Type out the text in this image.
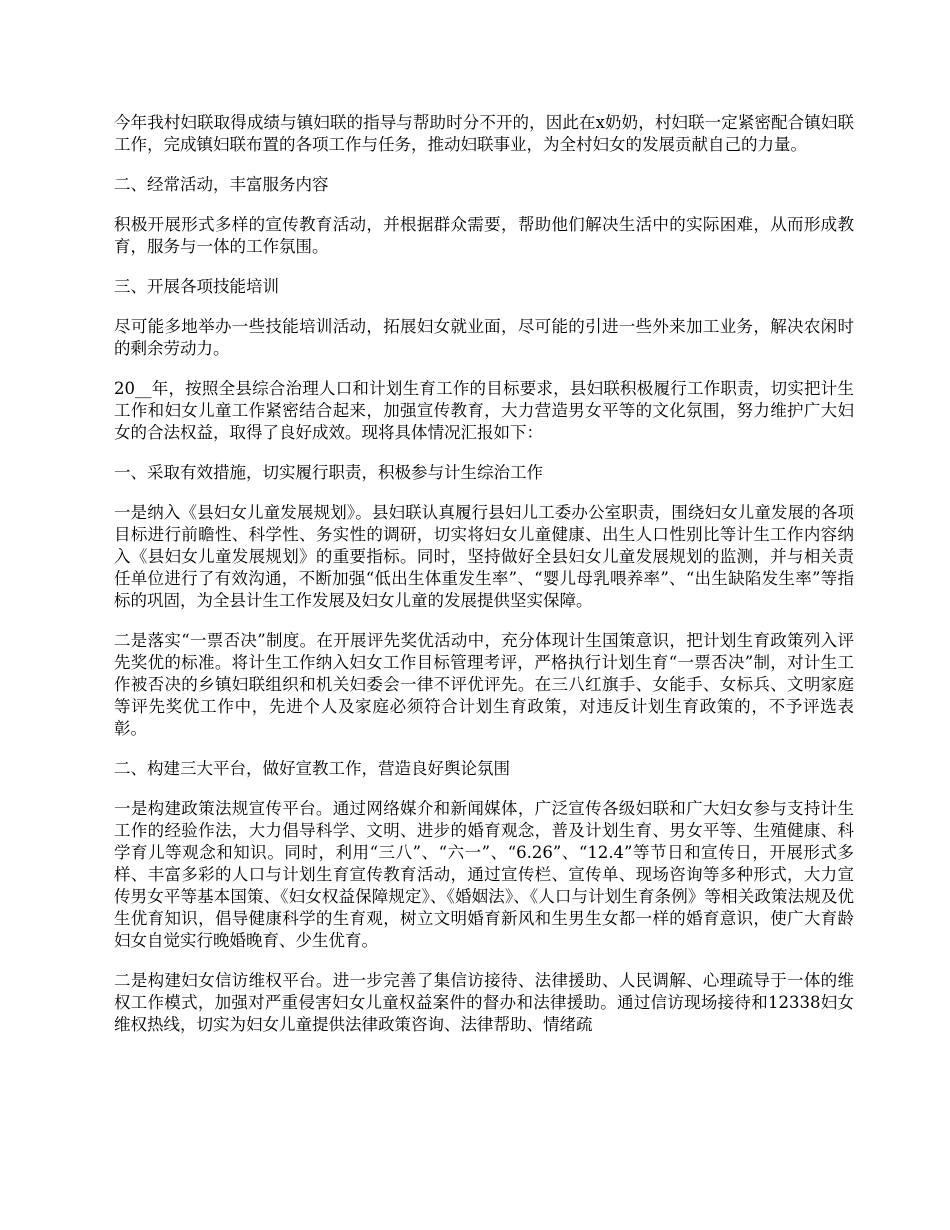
今年我村妇联取得成绩与镇妇联的指导与帮助时分不开的，因此在x奶奶，村妇联一定紧密配合镇妇联工作，完成镇妇联布置的各项工作与任务，推动妇联事业，为全村妇女的发展贡献自己的力量。

二、经常活动，丰富服务内容

积极开展形式多样的宣传教育活动，并根据群众需要，帮助他们解决生活中的实际困难，从而形成教育，服务与一体的工作氛围。

三、开展各项技能培训

尽可能多地举办一些技能培训活动，拓展妇女就业面，尽可能的引进一些外来加工业务，解决农闲时的剩余劳动力。

20__年，按照全县综合治理人口和计划生育工作的目标要求，县妇联积极履行工作职责，切实把计生工作和妇女儿童工作紧密结合起来，加强宣传教育，大力营造男女平等的文化氛围，努力维护广大妇女的合法权益，取得了良好成效。现将具体情况汇报如下：

一、采取有效措施，切实履行职责，积极参与计生综治工作

一是纳入《县妇女儿童发展规划》。县妇联认真履行县妇儿工委办公室职责，围绕妇女儿童发展的各项目标进行前瞻性、科学性、务实性的调研，切实将妇女儿童健康、出生人口性别比等计生工作内容纳入《县妇女儿童发展规划》的重要指标。同时，坚持做好全县妇女儿童发展规划的监测，并与相关责任单位进行了有效沟通，不断加强“低出生体重发生率”、“婴儿母乳喂养率”、“出生缺陷发生率”等指标的巩固，为全县计生工作发展及妇女儿童的发展提供坚实保障。

二是落实“一票否决”制度。在开展评先奖优活动中，充分体现计生国策意识，把计划生育政策列入评先奖优的标准。将计生工作纳入妇女工作目标管理考评，严格执行计划生育“一票否决”制，对计生工作被否决的乡镇妇联组织和机关妇委会一律不评优评先。在三八红旗手、女能手、女标兵、文明家庭等评先奖优工作中，先进个人及家庭必须符合计划生育政策，对违反计划生育政策的，不予评选表彰。

二、构建三大平台，做好宣教工作，营造良好舆论氛围

一是构建政策法规宣传平台。通过网络媒介和新闻媒体，广泛宣传各级妇联和广大妇女参与支持计生工作的经验作法，大力倡导科学、文明、进步的婚育观念，普及计划生育、男女平等、生殖健康、科学育儿等观念和知识。同时，利用“三八”、“六一”、“6.26”、“12.4”等节日和宣传日，开展形式多样、丰富多彩的人口与计划生育宣传教育活动，通过宣传栏、宣传单、现场咨询等多种形式，大力宣传男女平等基本国策、《妇女权益保障规定》、《婚姻法》、《人口与计划生育条例》等相关政策法规及优生优育知识，倡导健康科学的生育观，树立文明婚育新风和生男生女都一样的婚育意识，使广大育龄妇女自觉实行晚婚晚育、少生优育。

二是构建妇女信访维权平台。进一步完善了集信访接待、法律援助、人民调解、心理疏导于一体的维权工作模式，加强对严重侵害妇女儿童权益案件的督办和法律援助。通过信访现场接待和12338妇女维权热线，切实为妇女儿童提供法律政策咨询、法律帮助、情绪疏
